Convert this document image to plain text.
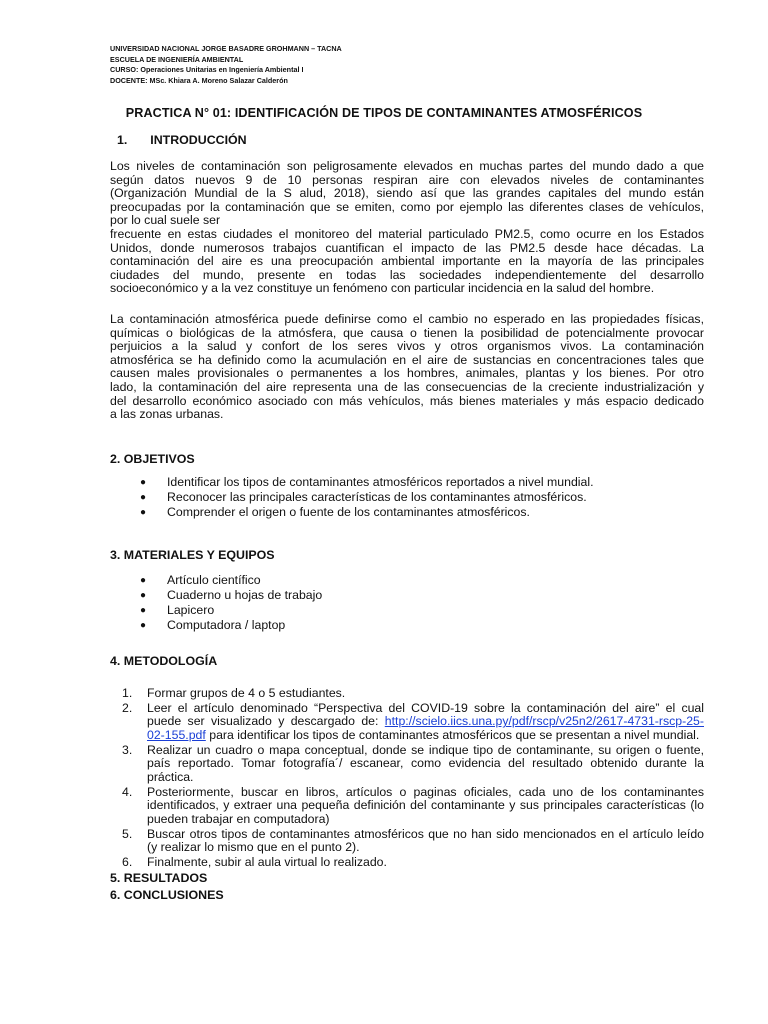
UNIVERSIDAD NACIONAL JORGE BASADRE GROHMANN – TACNA
ESCUELA DE INGENIERÍA AMBIENTAL
CURSO: Operaciones Unitarias en Ingeniería Ambiental I
DOCENTE: MSc. Khiara A. Moreno Salazar Calderón
PRACTICA N° 01: IDENTIFICACIÓN DE TIPOS DE CONTAMINANTES ATMOSFÉRICOS
1. INTRODUCCIÓN
Los niveles de contaminación son peligrosamente elevados en muchas partes del mundo dado a que
según datos nuevos 9 de 10 personas respiran aire con elevados niveles de contaminantes
(Organización Mundial de la S alud, 2018), siendo así que las grandes capitales del mundo están
preocupadas por la contaminación que se emiten, como por ejemplo las diferentes clases de vehículos,
por lo cual suele ser
frecuente en estas ciudades el monitoreo del material particulado PM2.5, como ocurre en los Estados
Unidos, donde numerosos trabajos cuantifican el impacto de las PM2.5 desde hace décadas. La
contaminación del aire es una preocupación ambiental importante en la mayoría de las principales
ciudades del mundo, presente en todas las sociedades independientemente del desarrollo
socioeconómico y a la vez constituye un fenómeno con particular incidencia en la salud del hombre.
La contaminación atmosférica puede definirse como el cambio no esperado en las propiedades físicas,
químicas o biológicas de la atmósfera, que causa o tienen la posibilidad de potencialmente provocar
perjuicios a la salud y confort de los seres vivos y otros organismos vivos. La contaminación
atmosférica se ha definido como la acumulación en el aire de sustancias en concentraciones tales que
causen males provisionales o permanentes a los hombres, animales, plantas y los bienes. Por otro
lado, la contaminación del aire representa una de las consecuencias de la creciente industrialización y
del desarrollo económico asociado con más vehículos, más bienes materiales y más espacio dedicado
a las zonas urbanas.
2. OBJETIVOS
● Identificar los tipos de contaminantes atmosféricos reportados a nivel mundial.
● Reconocer las principales características de los contaminantes atmosféricos.
● Comprender el origen o fuente de los contaminantes atmosféricos.
3. MATERIALES Y EQUIPOS
● Artículo científico
● Cuaderno u hojas de trabajo
● Lapicero
● Computadora / laptop
4. METODOLOGÍA
1. Formar grupos de 4 o 5 estudiantes.
2. Leer el artículo denominado “Perspectiva del COVID-19 sobre la contaminación del aire” el cual puede ser visualizado y descargado de: http://scielo.iics.una.py/pdf/rscp/v25n2/2617-4731-rscp-25-02-155.pdf para identificar los tipos de contaminantes atmosféricos que se presentan a nivel mundial.
3. Realizar un cuadro o mapa conceptual, donde se indique tipo de contaminante, su origen o fuente, país reportado. Tomar fotografía´/ escanear, como evidencia del resultado obtenido durante la práctica.
4. Posteriormente, buscar en libros, artículos o paginas oficiales, cada uno de los contaminantes identificados, y extraer una pequeña definición del contaminante y sus principales características (lo pueden trabajar en computadora)
5. Buscar otros tipos de contaminantes atmosféricos que no han sido mencionados en el artículo leído (y realizar lo mismo que en el punto 2).
6. Finalmente, subir al aula virtual lo realizado.
5. RESULTADOS
6. CONCLUSIONES
